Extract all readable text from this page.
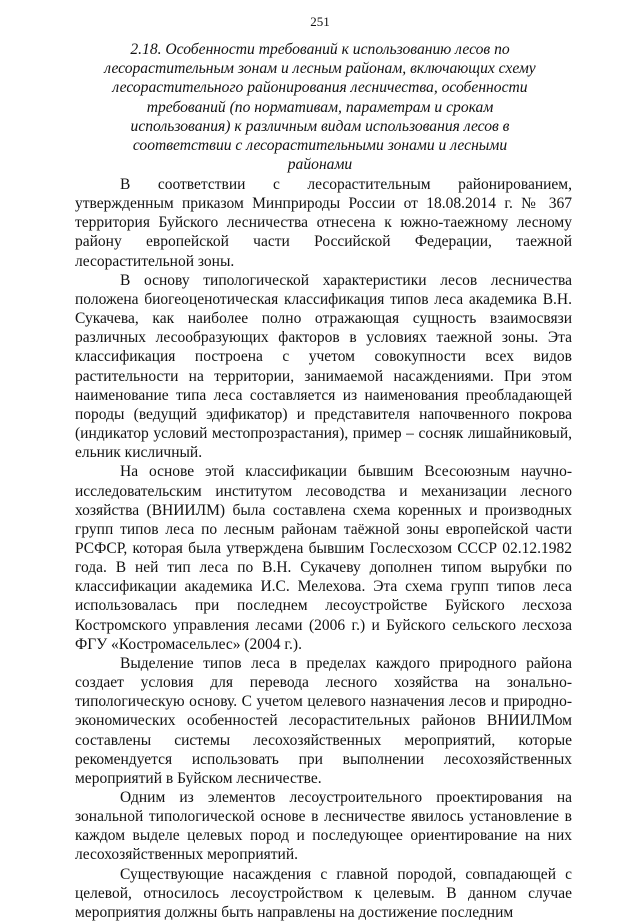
251
2.18. Особенности требований к использованию лесов по лесорастительным зонам и лесным районам, включающих схему лесорастительного районирования лесничества, особенности требований (по нормативам, параметрам и срокам использования) к различным видам использования лесов в соответствии с лесорастительными зонами и лесными районами

В соответствии с лесорастительным районированием, утвержденным приказом Минприроды России от 18.08.2014 г. № 367 территория Буйского лесничества отнесена к южно-таежному лесному району европейской части Российской Федерации, таежной лесорастительной зоны.

В основу типологической характеристики лесов лесничества положена биогеоценотическая классификация типов леса академика В.Н. Сукачева, как наиболее полно отражающая сущность взаимосвязи различных лесообразующих факторов в условиях таежной зоны. Эта классификация построена с учетом совокупности всех видов растительности на территории, занимаемой насаждениями. При этом наименование типа леса составляется из наименования преобладающей породы (ведущий эдификатор) и представителя напочвенного покрова (индикатор условий местопрозрастания), пример – сосняк лишайниковый, ельник кисличный.

На основе этой классификации бывшим Всесоюзным научно-исследовательским институтом лесоводства и механизации лесного хозяйства (ВНИИЛМ) была составлена схема коренных и производных групп типов леса по лесным районам таёжной зоны европейской части РСФСР, которая была утверждена бывшим Гослесхозом СССР 02.12.1982 года. В ней тип леса по В.Н. Сукачеву дополнен типом вырубки по классификации академика И.С. Мелехова. Эта схема групп типов леса использовалась при последнем лесоустройстве Буйского лесхоза Костромского управления лесами (2006 г.) и Буйского сельского лесхоза ФГУ «Костромасельлес» (2004 г.).

Выделение типов леса в пределах каждого природного района создает условия для перевода лесного хозяйства на зонально-типологическую основу. С учетом целевого назначения лесов и природно-экономических особенностей лесорастительных районов ВНИИЛМом составлены системы лесохозяйственных мероприятий, которые рекомендуется использовать при выполнении лесохозяйственных мероприятий в Буйском лесничестве.

Одним из элементов лесоустроительного проектирования на зональной типологической основе в лесничестве явилось установление в каждом выделе целевых пород и последующее ориентирование на них лесохозяйственных мероприятий.

Существующие насаждения с главной породой, совпадающей с целевой, относилось лесоустройством к целевым. В данном случае мероприятия должны быть направлены на достижение последним
